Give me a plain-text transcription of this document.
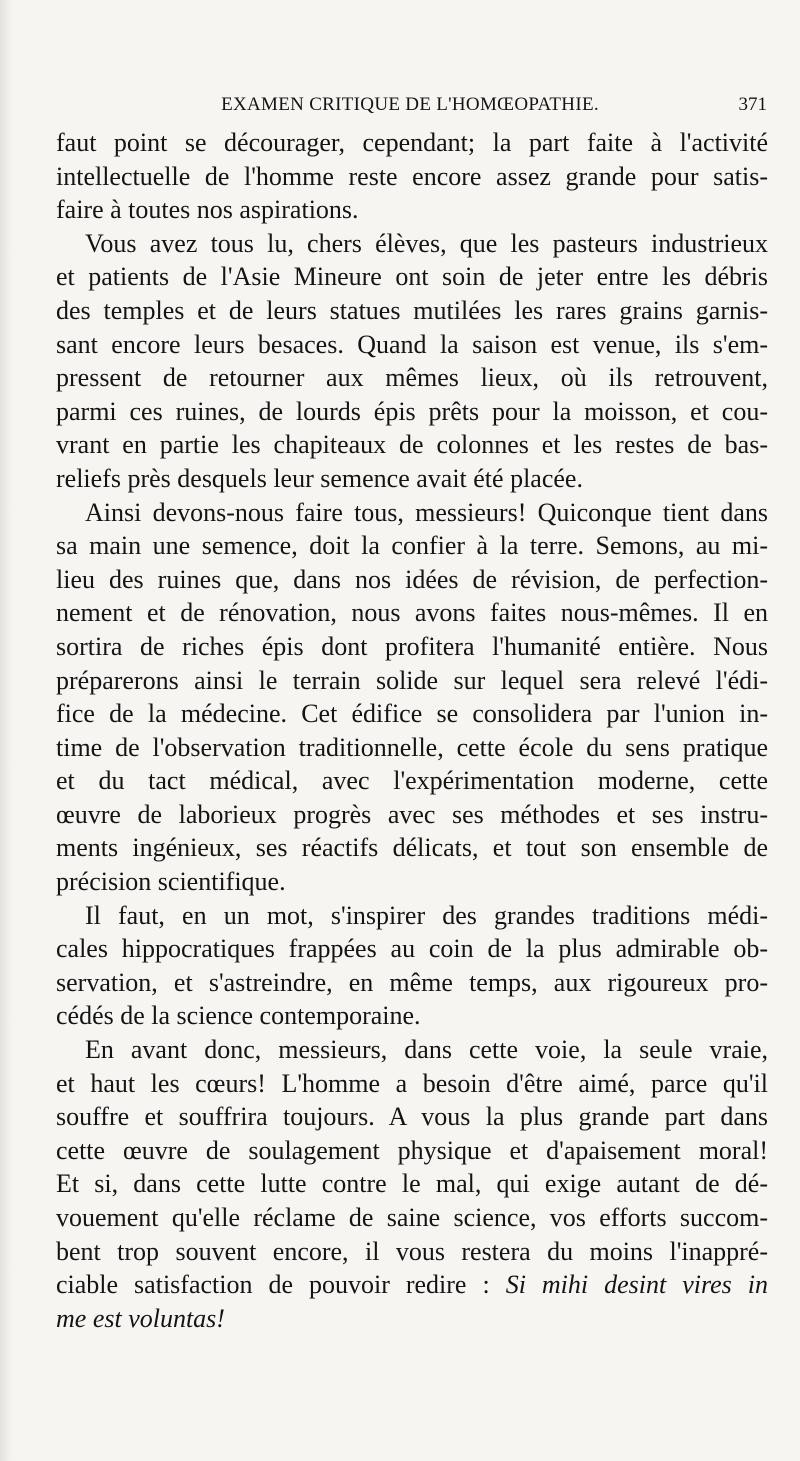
EXAMEN CRITIQUE DE L'HOMŒOPATHIE.	371
faut point se décourager, cependant; la part faite à l'activité
intellectuelle de l'homme reste encore assez grande pour satis-
faire à toutes nos aspirations.
Vous avez tous lu, chers élèves, que les pasteurs industrieux
et patients de l'Asie Mineure ont soin de jeter entre les débris
des temples et de leurs statues mutilées les rares grains garnis-
sant encore leurs besaces. Quand la saison est venue, ils s'em-
pressent de retourner aux mêmes lieux, où ils retrouvent,
parmi ces ruines, de lourds épis prêts pour la moisson, et cou-
vrant en partie les chapiteaux de colonnes et les restes de bas-
reliefs près desquels leur semence avait été placée.
Ainsi devons-nous faire tous, messieurs! Quiconque tient dans
sa main une semence, doit la confier à la terre. Semons, au mi-
lieu des ruines que, dans nos idées de révision, de perfection-
nement et de rénovation, nous avons faites nous-mêmes. Il en
sortira de riches épis dont profitera l'humanité entière. Nous
préparerons ainsi le terrain solide sur lequel sera relevé l'édi-
fice de la médecine. Cet édifice se consolidera par l'union in-
time de l'observation traditionnelle, cette école du sens pratique
et du tact médical, avec l'expérimentation moderne, cette
œuvre de laborieux progrès avec ses méthodes et ses instru-
ments ingénieux, ses réactifs délicats, et tout son ensemble de
précision scientifique.
Il faut, en un mot, s'inspirer des grandes traditions médi-
cales hippocratiques frappées au coin de la plus admirable ob-
servation, et s'astreindre, en même temps, aux rigoureux pro-
cédés de la science contemporaine.
En avant donc, messieurs, dans cette voie, la seule vraie,
et haut les cœurs! L'homme a besoin d'être aimé, parce qu'il
souffre et souffrira toujours. A vous la plus grande part dans
cette œuvre de soulagement physique et d'apaisement moral!
Et si, dans cette lutte contre le mal, qui exige autant de dé-
vouement qu'elle réclame de saine science, vos efforts succom-
bent trop souvent encore, il vous restera du moins l'inappré-
ciable satisfaction de pouvoir redire : Si mihi desint vires in
me est voluntas!
